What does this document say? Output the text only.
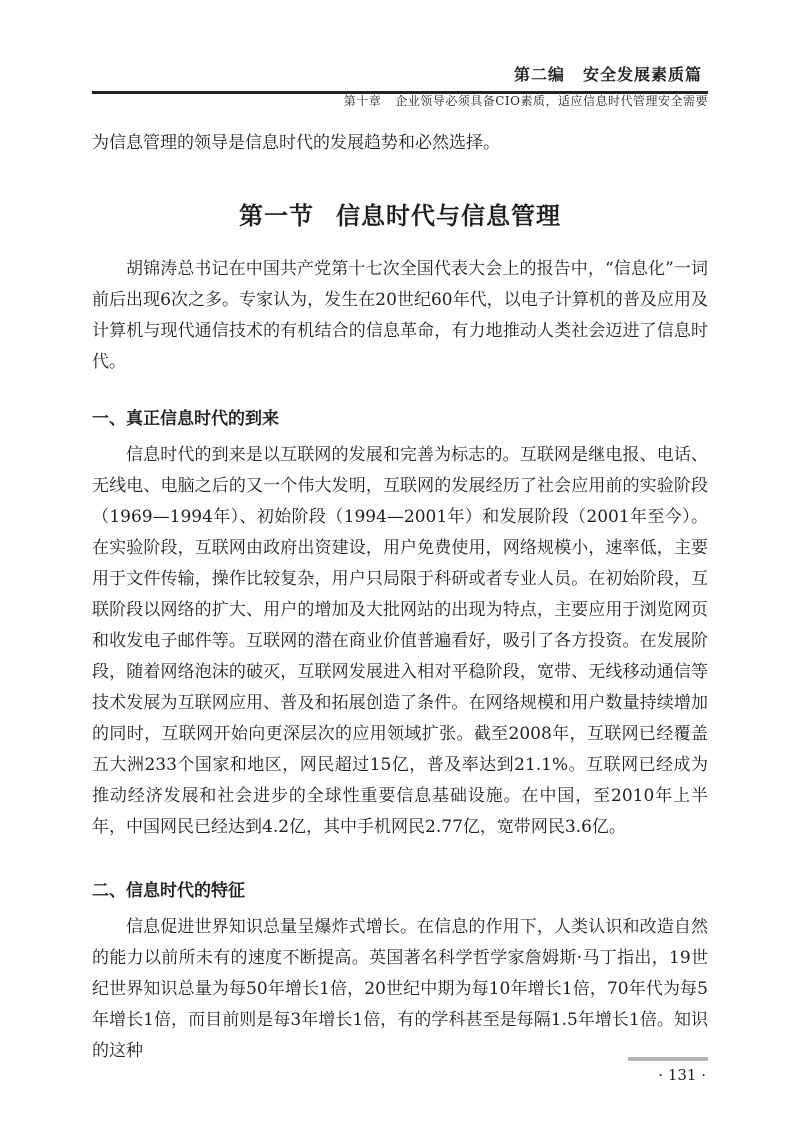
第二编 安全发展素质篇
第十章 企业领导必须具备CIO素质，适应信息时代管理安全需要

为信息管理的领导是信息时代的发展趋势和必然选择。

第一节 信息时代与信息管理

胡锦涛总书记在中国共产党第十七次全国代表大会上的报告中，“信息化”一词前后出现6次之多。专家认为，发生在20世纪60年代，以电子计算机的普及应用及计算机与现代通信技术的有机结合的信息革命，有力地推动人类社会迈进了信息时代。

一、真正信息时代的到来

信息时代的到来是以互联网的发展和完善为标志的。互联网是继电报、电话、无线电、电脑之后的又一个伟大发明，互联网的发展经历了社会应用前的实验阶段（1969—1994年）、初始阶段（1994—2001年）和发展阶段（2001年至今）。在实验阶段，互联网由政府出资建设，用户免费使用，网络规模小，速率低，主要用于文件传输，操作比较复杂，用户只局限于科研或者专业人员。在初始阶段，互联阶段以网络的扩大、用户的增加及大批网站的出现为特点，主要应用于浏览网页和收发电子邮件等。互联网的潜在商业价值普遍看好，吸引了各方投资。在发展阶段，随着网络泡沫的破灭，互联网发展进入相对平稳阶段，宽带、无线移动通信等技术发展为互联网应用、普及和拓展创造了条件。在网络规模和用户数量持续增加的同时，互联网开始向更深层次的应用领域扩张。截至2008年，互联网已经覆盖五大洲233个国家和地区，网民超过15亿，普及率达到21.1%。互联网已经成为推动经济发展和社会进步的全球性重要信息基础设施。在中国，至2010年上半年，中国网民已经达到4.2亿，其中手机网民2.77亿，宽带网民3.6亿。

二、信息时代的特征

信息促进世界知识总量呈爆炸式增长。在信息的作用下，人类认识和改造自然的能力以前所未有的速度不断提高。英国著名科学哲学家詹姆斯·马丁指出，19世纪世界知识总量为每50年增长1倍，20世纪中期为每10年增长1倍，70年代为每5年增长1倍，而目前则是每3年增长1倍，有的学科甚至是每隔1.5年增长1倍。知识的这种

· 131 ·
